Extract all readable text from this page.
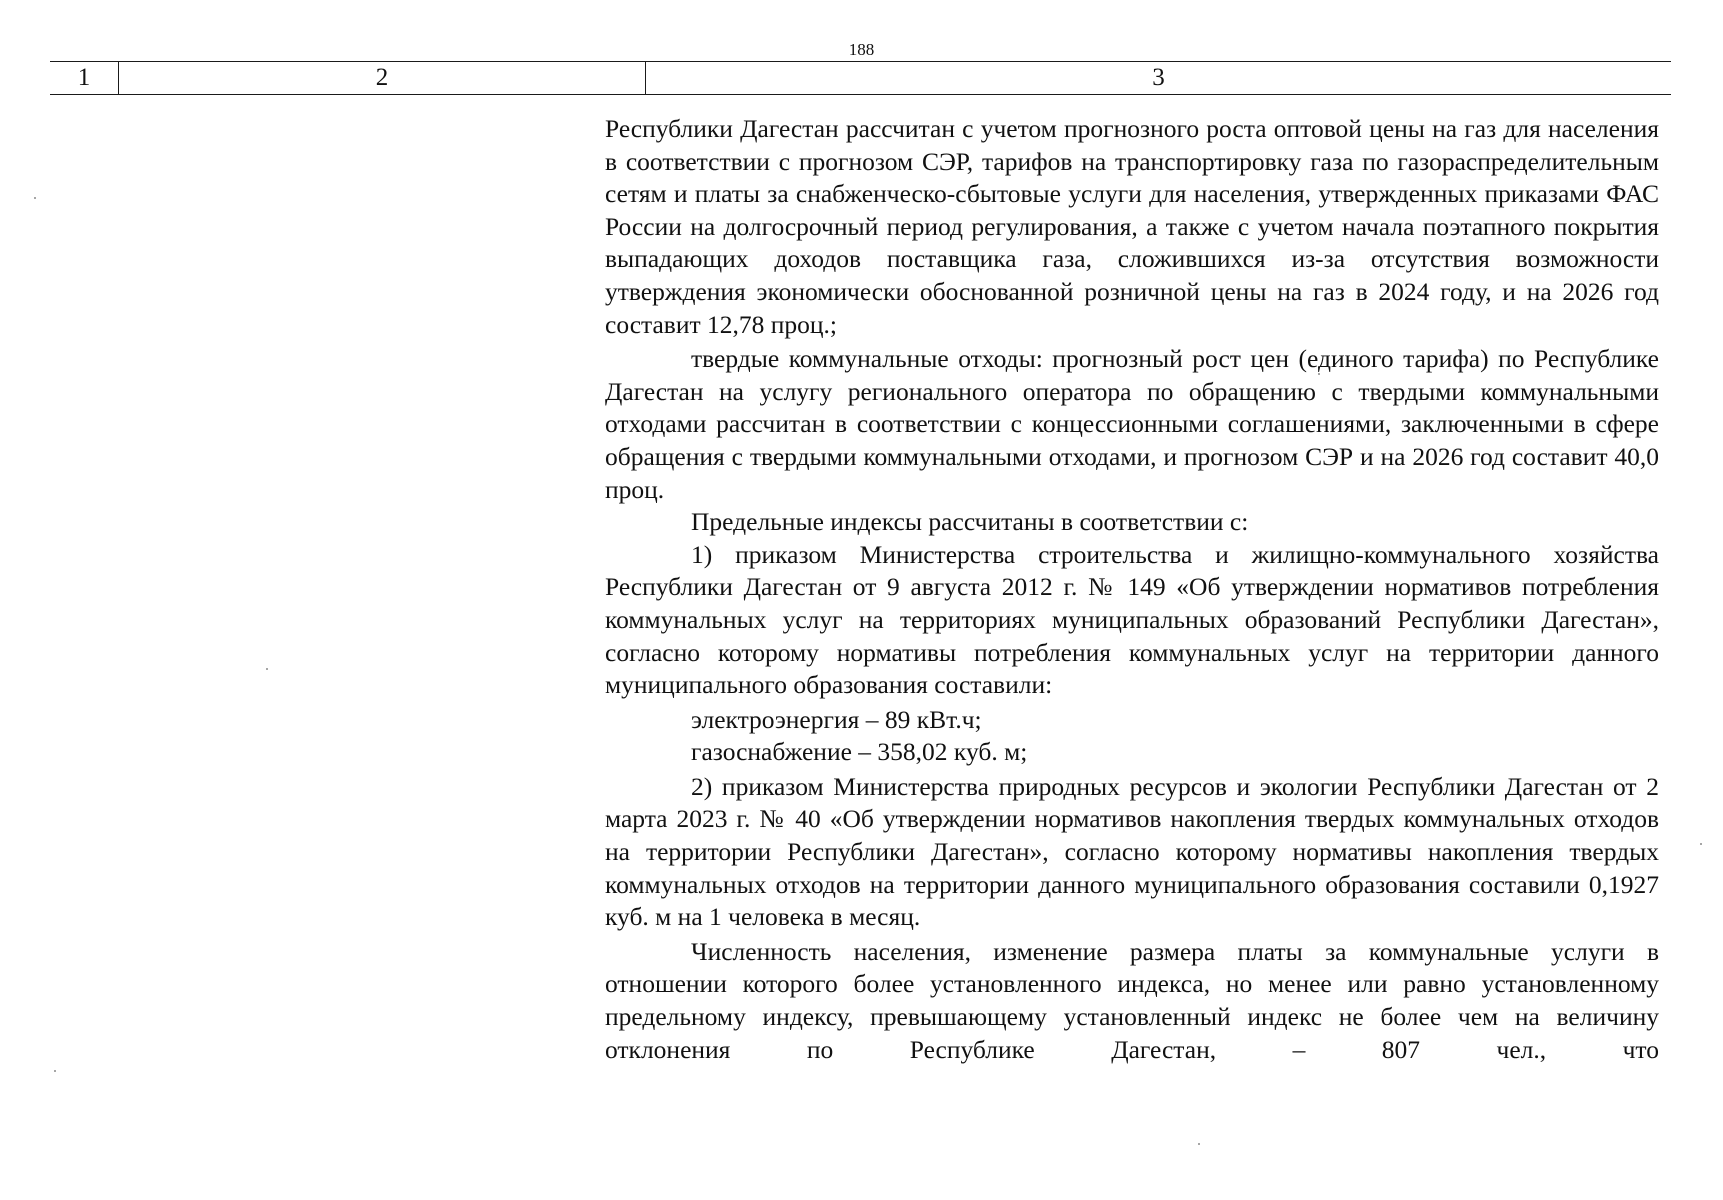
188
1	2	3

Республики Дагестан рассчитан с учетом прогнозного роста оптовой цены на газ для населения в соответствии с прогнозом СЭР, тарифов на транспортировку газа по газораспределительным сетям и платы за снабженческо-сбытовые услуги для населения, утвержденных приказами ФАС России на долгосрочный период регулирования, а также с учетом начала поэтапного покрытия выпадающих доходов поставщика газа, сложившихся из-за отсутствия возможности утверждения экономически обоснованной розничной цены на газ в 2024 году, и на 2026 год составит 12,78 проц.;

твердые коммунальные отходы: прогнозный рост цен (единого тарифа) по Республике Дагестан на услугу регионального оператора по обращению с твердыми коммунальными отходами рассчитан в соответствии с концессионными соглашениями, заключенными в сфере обращения с твердыми коммунальными отходами, и прогнозом СЭР и на 2026 год составит 40,0 проц.

Предельные индексы рассчитаны в соответствии с:

1) приказом Министерства строительства и жилищно-коммунального хозяйства Республики Дагестан от 9 августа 2012 г. № 149 «Об утверждении нормативов потребления коммунальных услуг на территориях муниципальных образований Республики Дагестан», согласно которому нормативы потребления коммунальных услуг на территории данного муниципального образования составили:

электроэнергия – 89 кВт.ч;

газоснабжение – 358,02 куб. м;

2) приказом Министерства природных ресурсов и экологии Республики Дагестан от 2 марта 2023 г. № 40 «Об утверждении нормативов накопления твердых коммунальных отходов на территории Республики Дагестан», согласно которому нормативы накопления твердых коммунальных отходов на территории данного муниципального образования составили 0,1927 куб. м на 1 человека в месяц.

Численность населения, изменение размера платы за коммунальные услуги в отношении которого более установленного индекса, но менее или равно установленному предельному индексу, превышающему установленный индекс не более чем на величину отклонения по Республике Дагестан, – 807 чел., что
